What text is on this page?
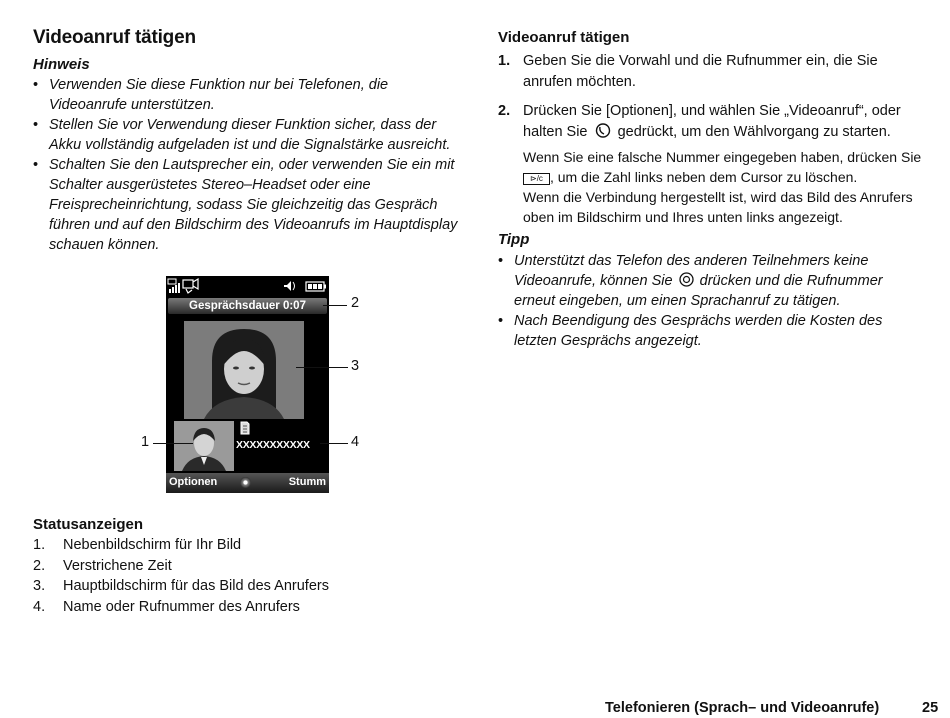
Videoanruf tätigen
Hinweis
• Verwenden Sie diese Funktion nur bei Telefonen, die Videoanrufe unterstützen.
• Stellen Sie vor Verwendung dieser Funktion sicher, dass der Akku vollständig aufgeladen ist und die Signalstärke ausreicht.
• Schalten Sie den Lautsprecher ein, oder verwenden Sie ein mit Schalter ausgerüstetes Stereo–Headset oder eine Freisprecheinrichtung, sodass Sie gleichzeitig das Gespräch führen und auf den Bildschirm des Videoanrufs im Hauptdisplay schauen können.
Gesprächsdauer 0:07
XXXXXXXXXXX
Optionen	Stumm
1
2
3
4
Statusanzeigen
1. Nebenbildschirm für Ihr Bild
2. Verstrichene Zeit
3. Hauptbildschirm für das Bild des Anrufers
4. Name oder Rufnummer des Anrufers
Videoanruf tätigen
1. Geben Sie die Vorwahl und die Rufnummer ein, die Sie anrufen möchten.
2. Drücken Sie [Optionen], und wählen Sie „Videoanruf“, oder halten Sie gedrückt, um den Wählvorgang zu starten.
Wenn Sie eine falsche Nummer eingegeben haben, drücken Sie ⊳/c , um die Zahl links neben dem Cursor zu löschen.
Wenn die Verbindung hergestellt ist, wird das Bild des Anrufers oben im Bildschirm und Ihres unten links angezeigt.
Tipp
• Unterstützt das Telefon des anderen Teilnehmers keine Videoanrufe, können Sie drücken und die Rufnummer erneut eingeben, um einen Sprachanruf zu tätigen.
• Nach Beendigung des Gesprächs werden die Kosten des letzten Gesprächs angezeigt.
Telefonieren (Sprach– und Videoanrufe)	25
